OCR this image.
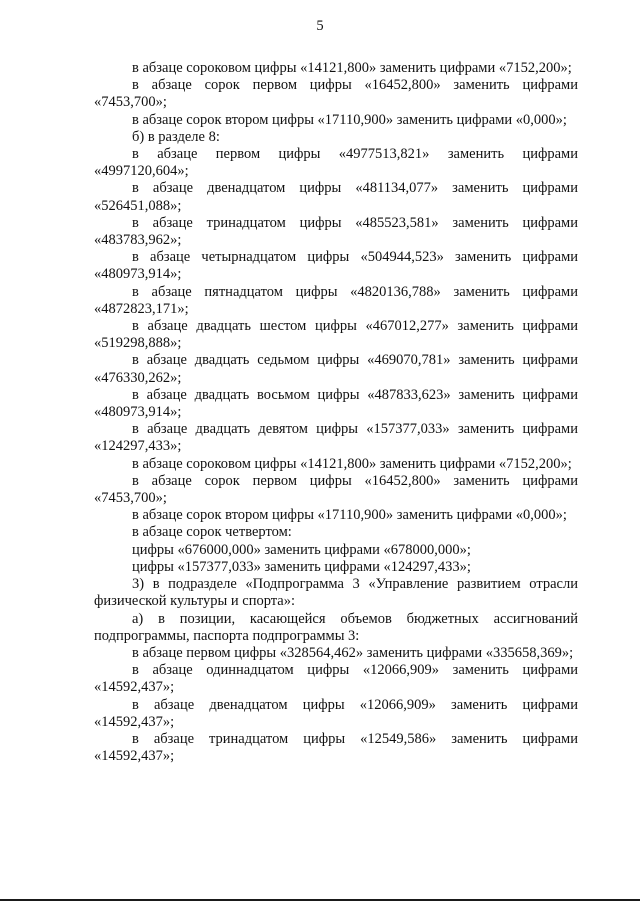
5

в абзаце сороковом цифры «14121,800» заменить цифрами «7152,200»;

в абзаце сорок первом цифры «16452,800» заменить цифрами «7453,700»;

в абзаце сорок втором цифры «17110,900» заменить цифрами «0,000»;

б) в разделе 8:

в абзаце первом цифры «4977513,821» заменить цифрами «4997120,604»;

в абзаце двенадцатом цифры «481134,077» заменить цифрами «526451,088»;

в абзаце тринадцатом цифры «485523,581» заменить цифрами «483783,962»;

в абзаце четырнадцатом цифры «504944,523» заменить цифрами «480973,914»;

в абзаце пятнадцатом цифры «4820136,788» заменить цифрами «4872823,171»;

в абзаце двадцать шестом цифры «467012,277» заменить цифрами «519298,888»;

в абзаце двадцать седьмом цифры «469070,781» заменить цифрами «476330,262»;

в абзаце двадцать восьмом цифры «487833,623» заменить цифрами «480973,914»;

в абзаце двадцать девятом цифры «157377,033» заменить цифрами «124297,433»;

в абзаце сороковом цифры «14121,800» заменить цифрами «7152,200»;

в абзаце сорок первом цифры «16452,800» заменить цифрами «7453,700»;

в абзаце сорок втором цифры «17110,900» заменить цифрами «0,000»;

в абзаце сорок четвертом:

цифры «676000,000» заменить цифрами «678000,000»;

цифры «157377,033» заменить цифрами «124297,433»;

3) в подразделе «Подпрограмма 3 «Управление развитием отрасли физической культуры и спорта»:

а) в позиции, касающейся объемов бюджетных ассигнований подпрограммы, паспорта подпрограммы 3:

в абзаце первом цифры «328564,462» заменить цифрами «335658,369»;

в абзаце одиннадцатом цифры «12066,909» заменить цифрами «14592,437»;

в абзаце двенадцатом цифры «12066,909» заменить цифрами «14592,437»;

в абзаце тринадцатом цифры «12549,586» заменить цифрами «14592,437»;
